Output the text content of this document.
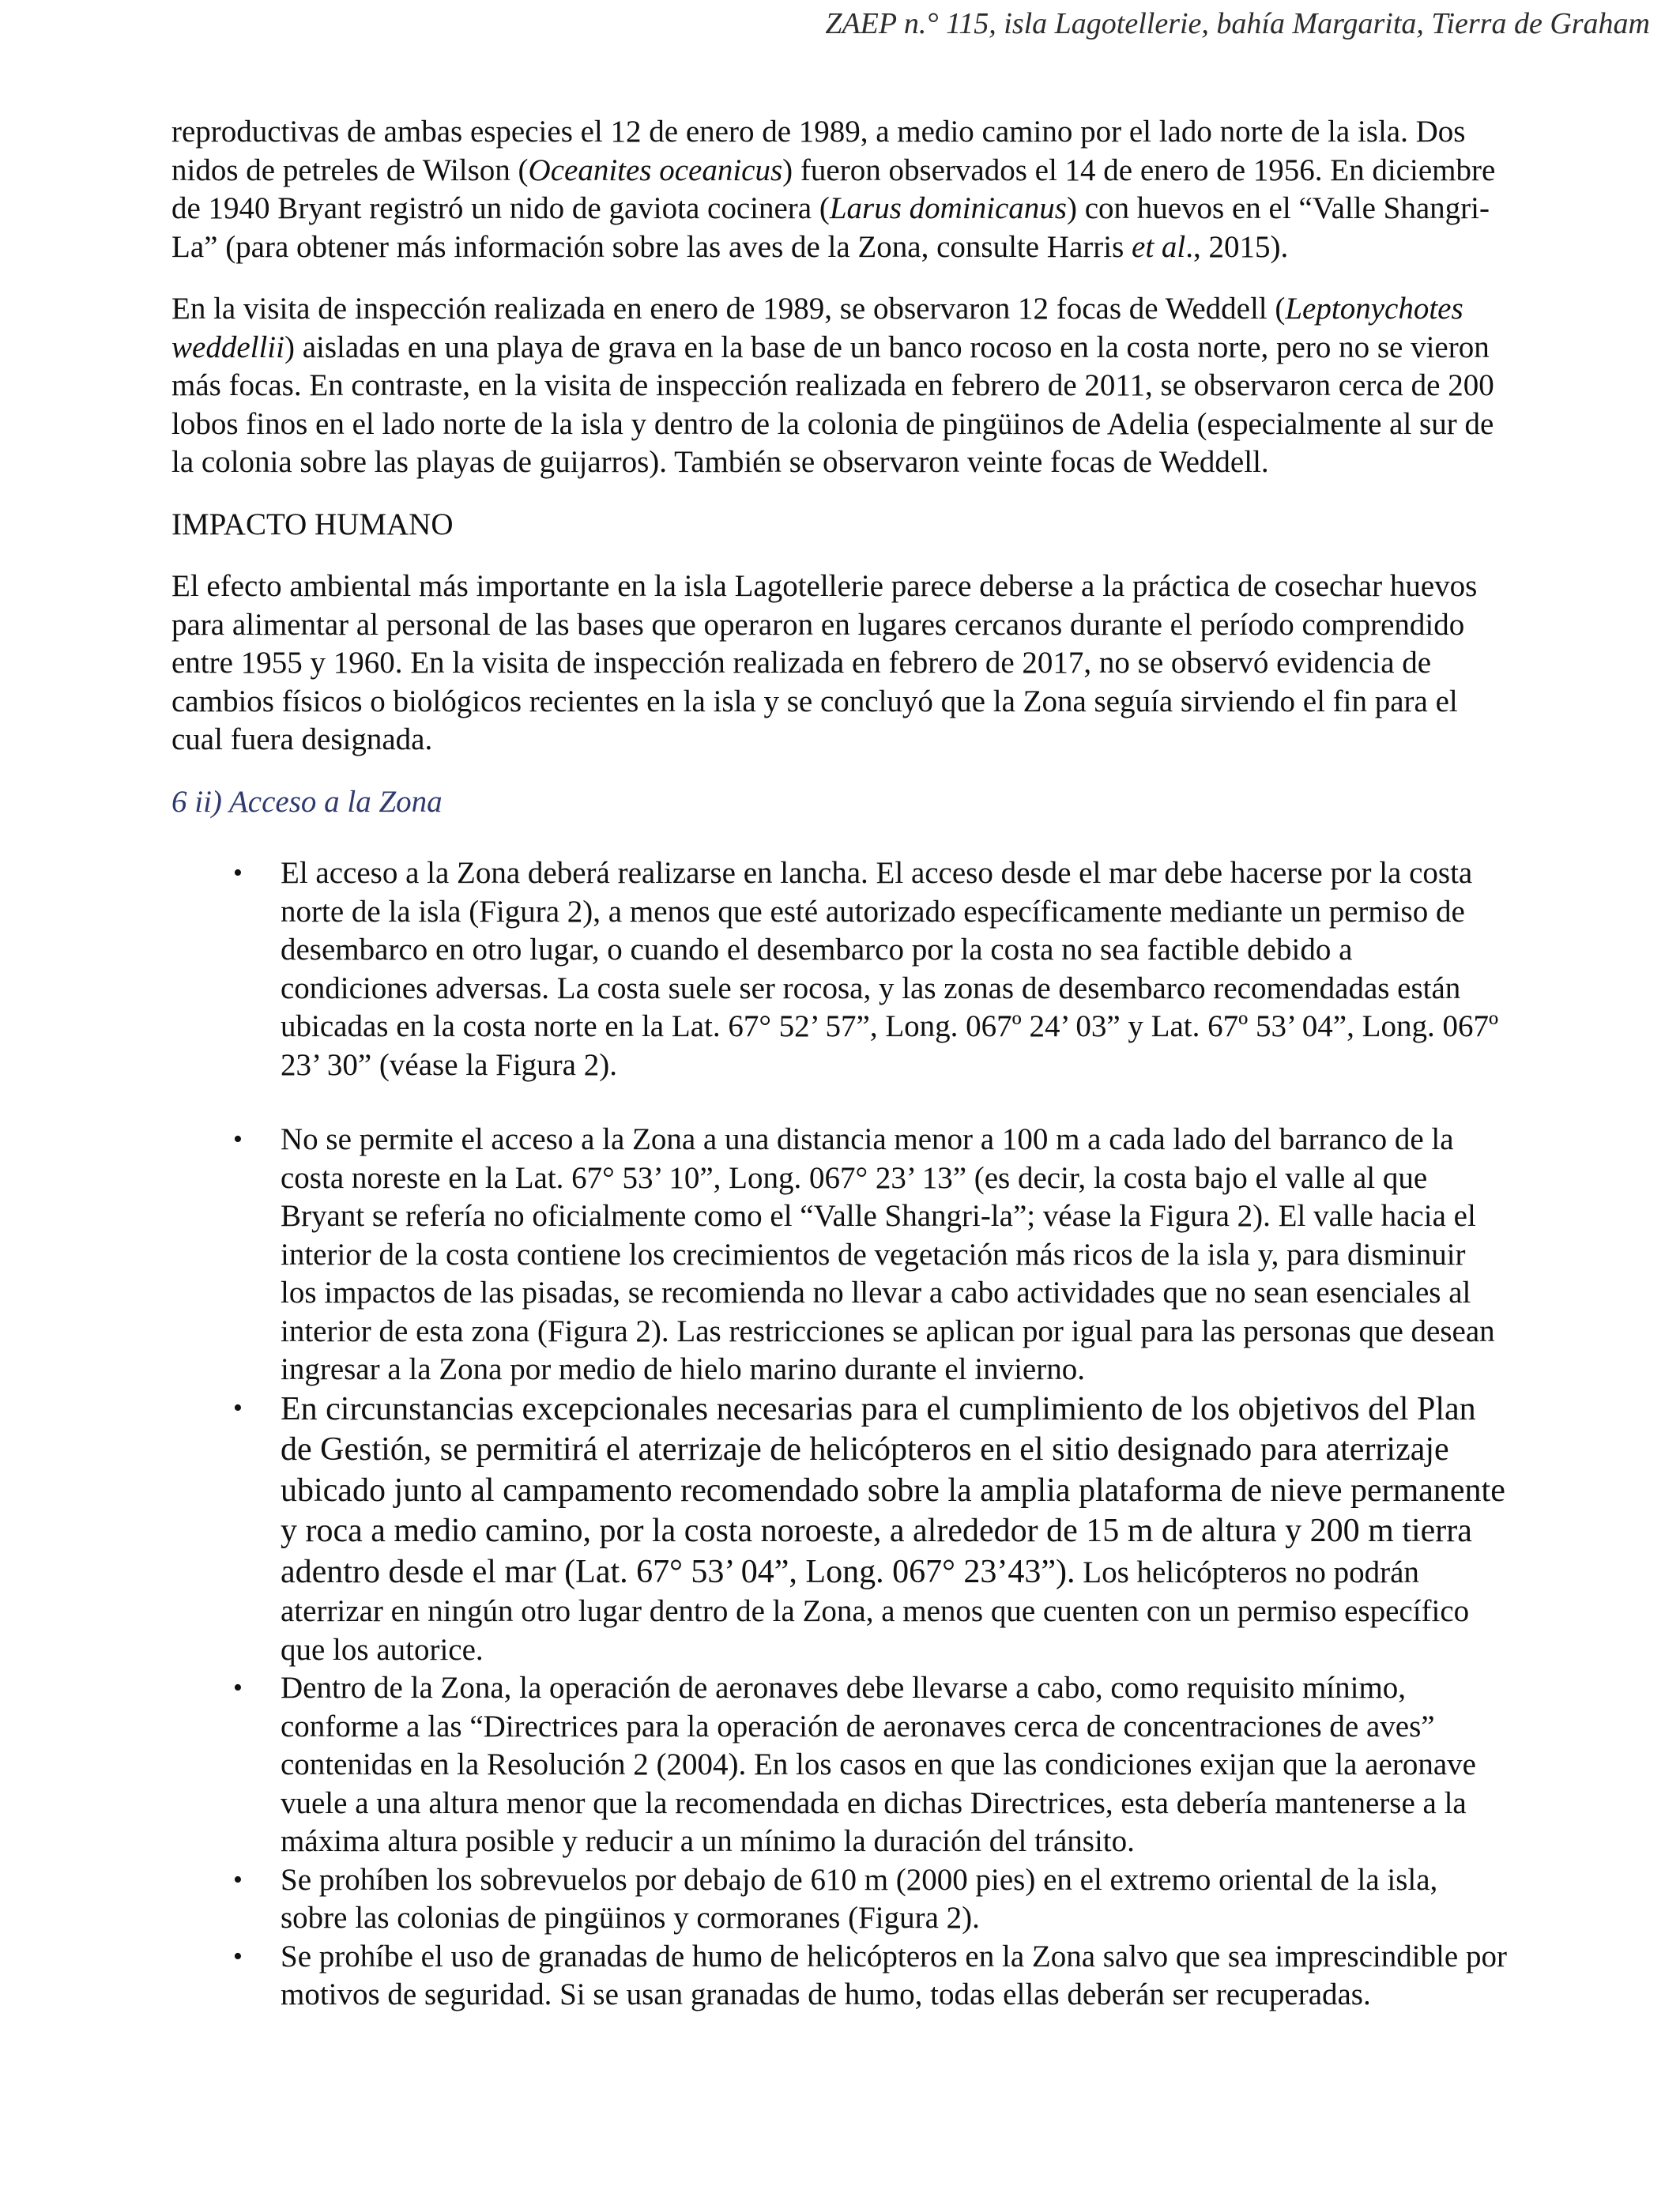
ZAEP n.° 115, isla Lagotellerie, bahía Margarita, Tierra de Graham

reproductivas de ambas especies el 12 de enero de 1989, a medio camino por el lado norte de la isla. Dos nidos de petreles de Wilson (Oceanites oceanicus) fueron observados el 14 de enero de 1956. En diciembre de 1940 Bryant registró un nido de gaviota cocinera (Larus dominicanus) con huevos en el “Valle Shangri-La” (para obtener más información sobre las aves de la Zona, consulte Harris et al., 2015).

En la visita de inspección realizada en enero de 1989, se observaron 12 focas de Weddell (Leptonychotes weddellii) aisladas en una playa de grava en la base de un banco rocoso en la costa norte, pero no se vieron más focas. En contraste, en la visita de inspección realizada en febrero de 2011, se observaron cerca de 200 lobos finos en el lado norte de la isla y dentro de la colonia de pingüinos de Adelia (especialmente al sur de la colonia sobre las playas de guijarros). También se observaron veinte focas de Weddell.

IMPACTO HUMANO

El efecto ambiental más importante en la isla Lagotellerie parece deberse a la práctica de cosechar huevos para alimentar al personal de las bases que operaron en lugares cercanos durante el período comprendido entre 1955 y 1960. En la visita de inspección realizada en febrero de 2017, no se observó evidencia de cambios físicos o biológicos recientes en la isla y se concluyó que la Zona seguía sirviendo el fin para el cual fuera designada.

6 ii) Acceso a la Zona
• El acceso a la Zona deberá realizarse en lancha. El acceso desde el mar debe hacerse por la costa norte de la isla (Figura 2), a menos que esté autorizado específicamente mediante un permiso de desembarco en otro lugar, o cuando el desembarco por la costa no sea factible debido a condiciones adversas. La costa suele ser rocosa, y las zonas de desembarco recomendadas están ubicadas en la costa norte en la Lat. 67° 52’ 57”, Long. 067º 24’ 03” y Lat. 67º 53’ 04”, Long. 067º 23’ 30” (véase la Figura 2).
• No se permite el acceso a la Zona a una distancia menor a 100 m a cada lado del barranco de la costa noreste en la Lat. 67° 53’ 10”, Long. 067° 23’ 13” (es decir, la costa bajo el valle al que Bryant se refería no oficialmente como el “Valle Shangri-la”; véase la Figura 2). El valle hacia el interior de la costa contiene los crecimientos de vegetación más ricos de la isla y, para disminuir los impactos de las pisadas, se recomienda no llevar a cabo actividades que no sean esenciales al interior de esta zona (Figura 2). Las restricciones se aplican por igual para las personas que desean ingresar a la Zona por medio de hielo marino durante el invierno.
• En circunstancias excepcionales necesarias para el cumplimiento de los objetivos del Plan de Gestión, se permitirá el aterrizaje de helicópteros en el sitio designado para aterrizaje ubicado junto al campamento recomendado sobre la amplia plataforma de nieve permanente y roca a medio camino, por la costa noroeste, a alrededor de 15 m de altura y 200 m tierra adentro desde el mar (Lat. 67° 53’ 04”, Long. 067° 23’43”). Los helicópteros no podrán aterrizar en ningún otro lugar dentro de la Zona, a menos que cuenten con un permiso específico que los autorice.
• Dentro de la Zona, la operación de aeronaves debe llevarse a cabo, como requisito mínimo, conforme a las “Directrices para la operación de aeronaves cerca de concentraciones de aves” contenidas en la Resolución 2 (2004). En los casos en que las condiciones exijan que la aeronave vuele a una altura menor que la recomendada en dichas Directrices, esta debería mantenerse a la máxima altura posible y reducir a un mínimo la duración del tránsito.
• Se prohíben los sobrevuelos por debajo de 610 m (2000 pies) en el extremo oriental de la isla, sobre las colonias de pingüinos y cormoranes (Figura 2).
• Se prohíbe el uso de granadas de humo de helicópteros en la Zona salvo que sea imprescindible por motivos de seguridad. Si se usan granadas de humo, todas ellas deberán ser recuperadas.
